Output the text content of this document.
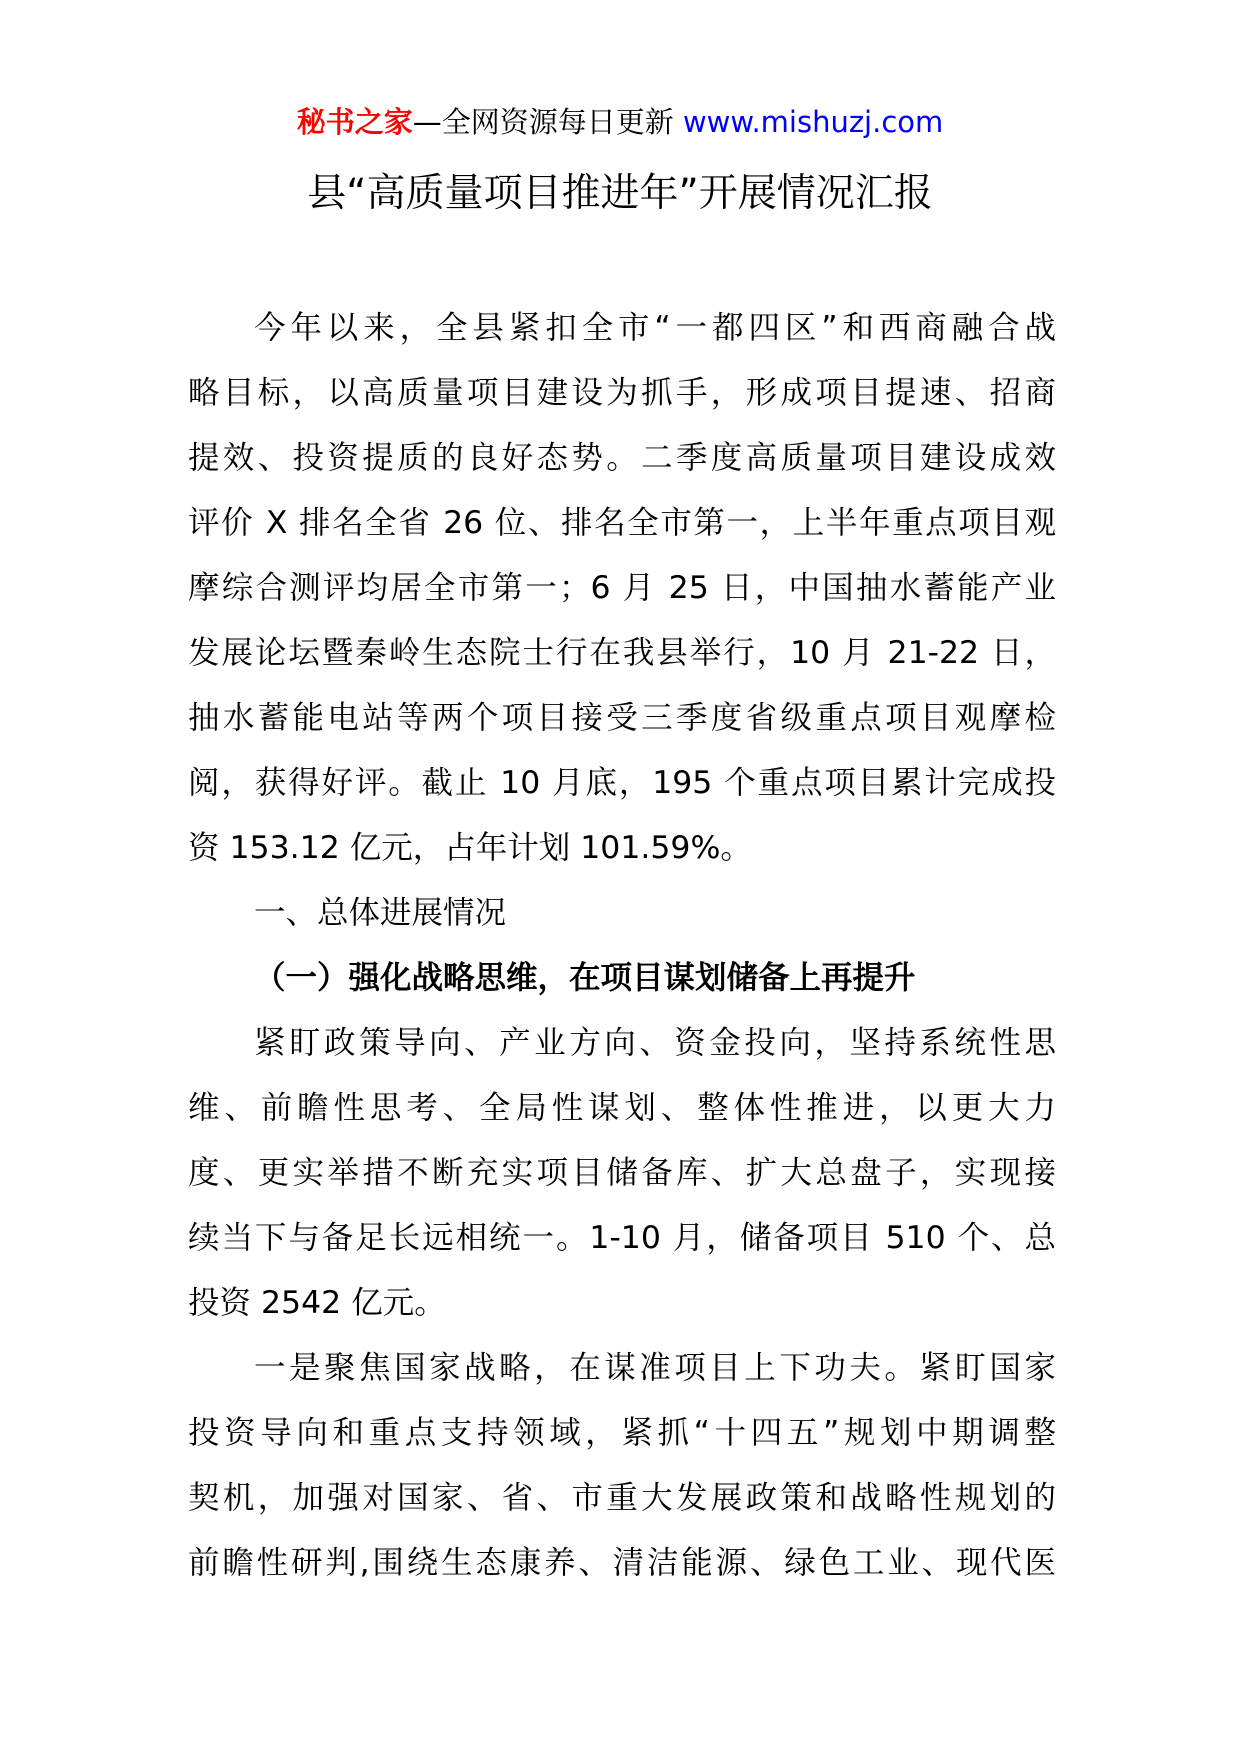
秘书之家—全网资源每日更新 www.mishuzj.com
县“高质量项目推进年”开展情况汇报
今年以来，全县紧扣全市“一都四区”和西商融合战
略目标，以高质量项目建设为抓手，形成项目提速、招商
提效、投资提质的良好态势。二季度高质量项目建设成效
评价 X 排名全省 26 位、排名全市第一，上半年重点项目观
摩综合测评均居全市第一；6 月 25 日，中国抽水蓄能产业
发展论坛暨秦岭生态院士行在我县举行，10 月 21-22 日，
抽水蓄能电站等两个项目接受三季度省级重点项目观摩检
阅，获得好评。截止 10 月底，195 个重点项目累计完成投
资 153.12 亿元，占年计划 101.59%。
一、总体进展情况
（一）强化战略思维，在项目谋划储备上再提升
紧盯政策导向、产业方向、资金投向，坚持系统性思
维、前瞻性思考、全局性谋划、整体性推进，以更大力
度、更实举措不断充实项目储备库、扩大总盘子，实现接
续当下与备足长远相统一。1-10 月，储备项目 510 个、总
投资 2542 亿元。
一是聚焦国家战略，在谋准项目上下功夫。紧盯国家
投资导向和重点支持领域，紧抓“十四五”规划中期调整
契机，加强对国家、省、市重大发展政策和战略性规划的
前瞻性研判,围绕生态康养、清洁能源、绿色工业、现代医
